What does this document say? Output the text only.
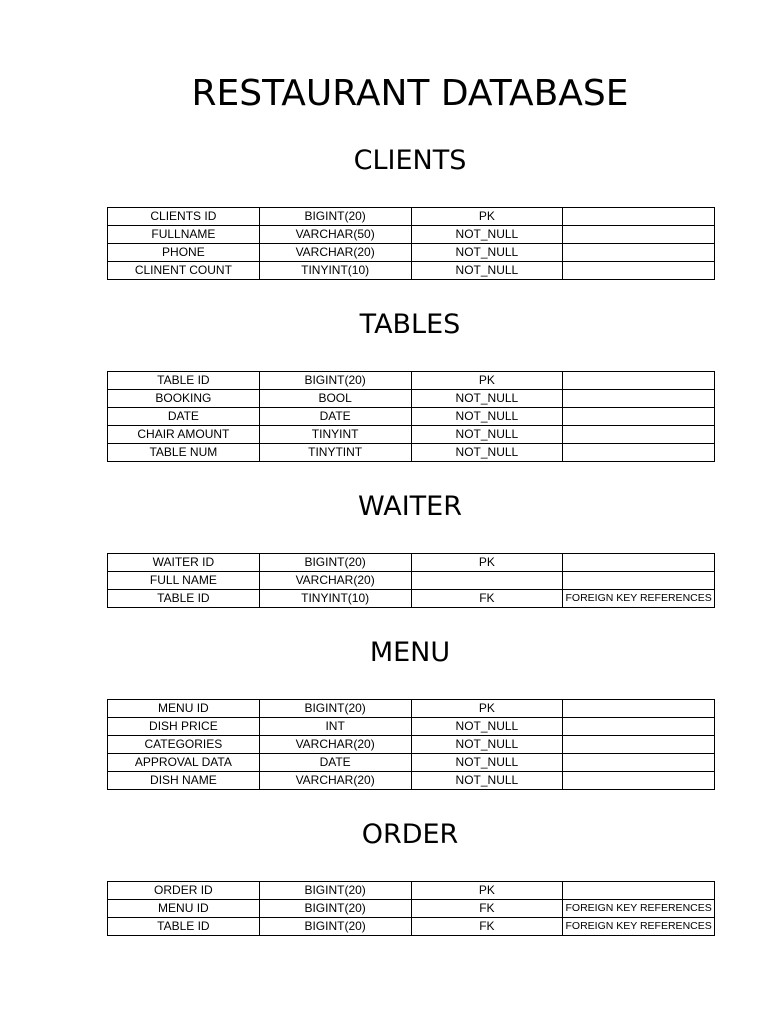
RESTAURANT DATABASE
CLIENTS
CLIENTS ID	BIGINT(20)	PK	
FULLNAME	VARCHAR(50)	NOT_NULL	
PHONE	VARCHAR(20)	NOT_NULL	
CLINENT COUNT	TINYINT(10)	NOT_NULL	
TABLES
TABLE ID	BIGINT(20)	PK	
BOOKING	BOOL	NOT_NULL	
DATE	DATE	NOT_NULL	
CHAIR AMOUNT	TINYINT	NOT_NULL	
TABLE NUM	TINYTINT	NOT_NULL	
WAITER
WAITER ID	BIGINT(20)	PK	
FULL NAME	VARCHAR(20)		
TABLE ID	TINYINT(10)	FK	FOREIGN KEY REFERENCES
MENU
MENU ID	BIGINT(20)	PK	
DISH PRICE	INT	NOT_NULL	
CATEGORIES	VARCHAR(20)	NOT_NULL	
APPROVAL DATA	DATE	NOT_NULL	
DISH NAME	VARCHAR(20)	NOT_NULL	
ORDER
ORDER ID	BIGINT(20)	PK	
MENU ID	BIGINT(20)	FK	FOREIGN KEY REFERENCES
TABLE ID	BIGINT(20)	FK	FOREIGN KEY REFERENCES
